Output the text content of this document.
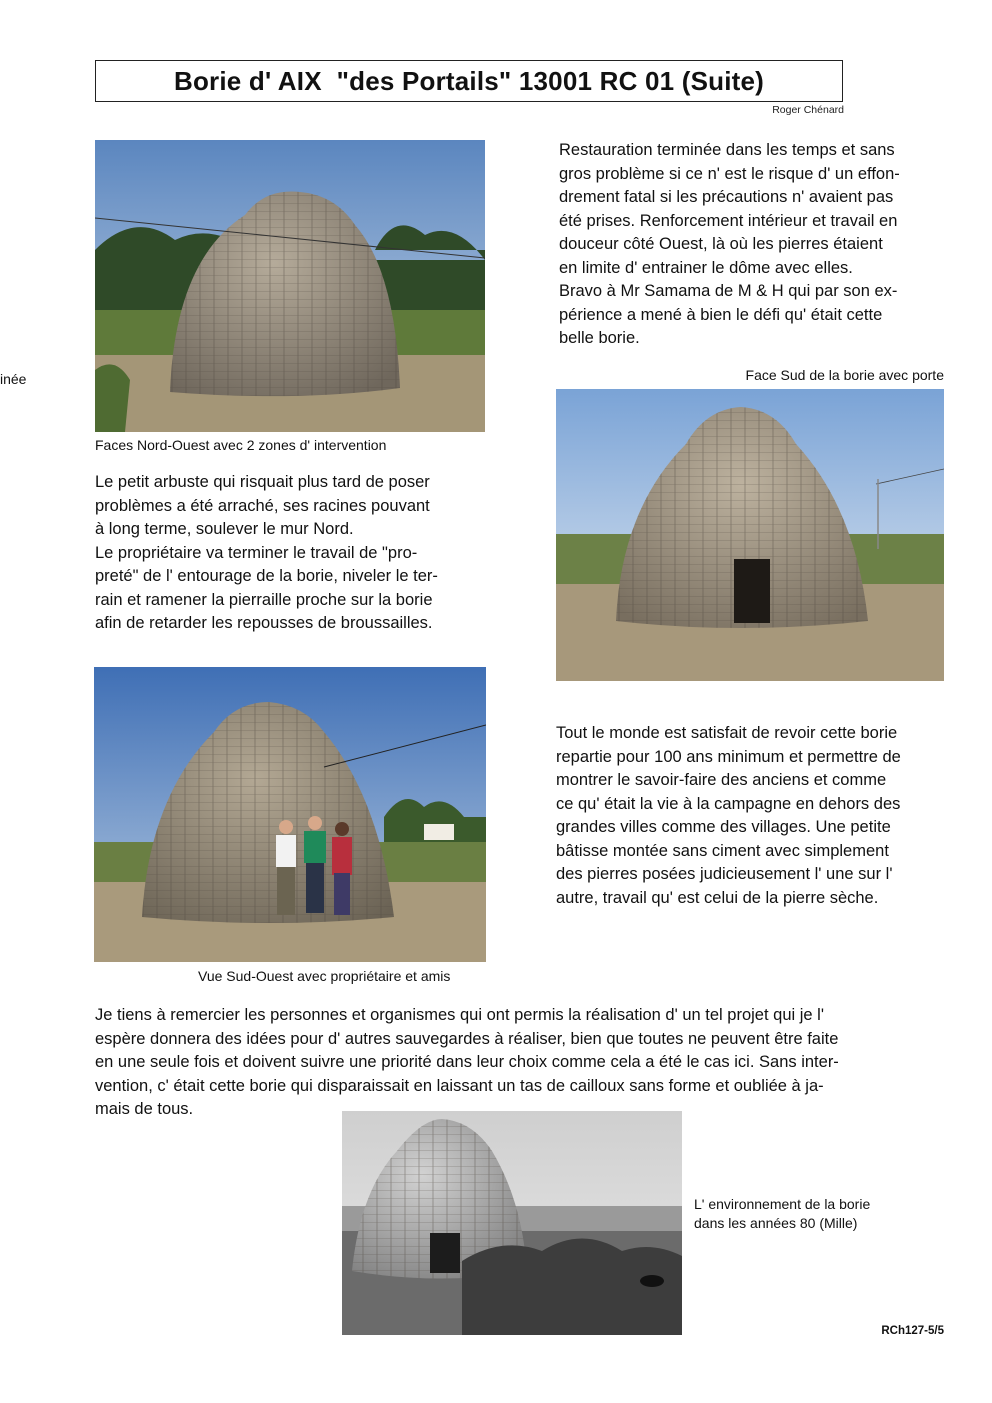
Borie d' AIX  "des Portails" 13001 RC 01 (Suite)
Roger Chénard
inée
Faces Nord-Ouest avec 2 zones d' intervention

Restauration terminée dans les temps et sans

gros problème si ce n' est le risque d' un effon-

drement fatal si les précautions n' avaient pas

été prises. Renforcement intérieur et travail en

douceur côté Ouest, là où les pierres étaient

en limite d' entrainer le dôme avec elles.

Bravo à Mr Samama de M & H qui par son ex-

périence a mené à bien le défi qu' était cette

belle borie.

Face Sud de la borie avec porte

Le petit arbuste qui risquait plus tard de poser

problèmes a été arraché, ses racines pouvant

à long terme, soulever le mur Nord.

Le propriétaire va terminer le travail de "pro-

preté" de l' entourage de la borie, niveler le ter-

rain et ramener la pierraille proche sur la borie

afin de retarder les repousses de broussailles.

Tout le monde est satisfait de revoir cette borie

repartie pour 100 ans minimum et permettre de

montrer le savoir-faire des anciens et comme

ce qu' était la vie à la campagne en dehors des

grandes villes comme des villages. Une petite

bâtisse montée sans ciment avec simplement

des pierres posées judicieusement l' une sur l'

autre, travail qu' est celui de la pierre sèche.

Vue Sud-Ouest avec propriétaire et amis

Je tiens à remercier les personnes et organismes qui ont permis la réalisation d' un tel projet qui je l'

espère donnera des idées pour d' autres sauvegardes à réaliser, bien que toutes ne peuvent être faite

en une seule fois et doivent suivre une priorité dans leur choix comme cela a été le cas ici. Sans inter-

vention, c' était cette borie qui disparaissait en laissant un tas de cailloux sans forme et oubliée à ja-

mais de tous.

L' environnement de la borie
dans les années 80 (Mille)
RCh127-5/5
